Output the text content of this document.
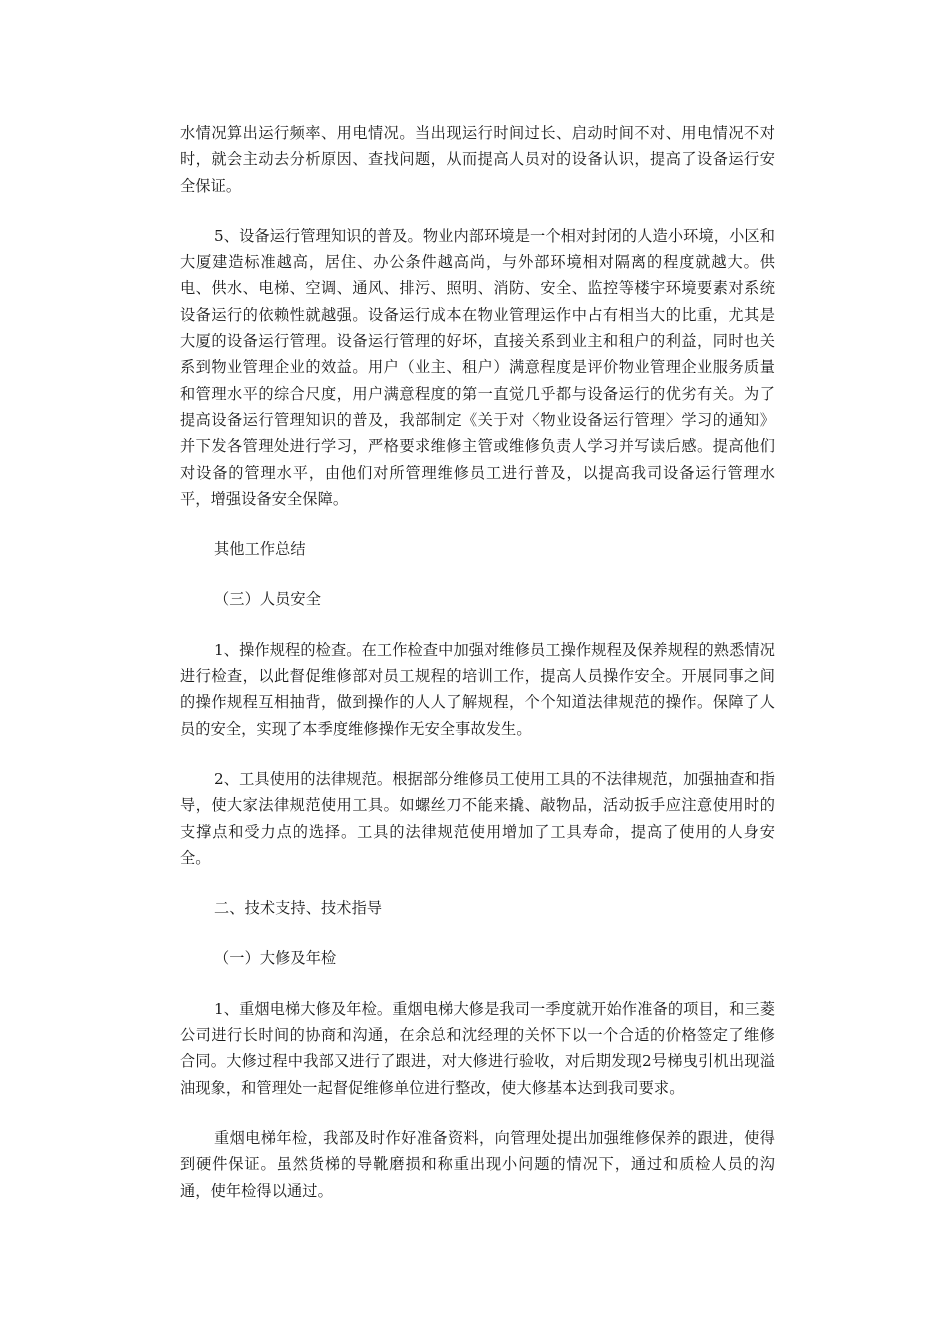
水情况算出运行频率、用电情况。当出现运行时间过长、启动时间不对、用电情况不对时，就会主动去分析原因、查找问题，从而提高人员对的设备认识，提高了设备运行安全保证。

5、设备运行管理知识的普及。物业内部环境是一个相对封闭的人造小环境，小区和大厦建造标准越高，居住、办公条件越高尚，与外部环境相对隔离的程度就越大。供电、供水、电梯、空调、通风、排污、照明、消防、安全、监控等楼宇环境要素对系统设备运行的依赖性就越强。设备运行成本在物业管理运作中占有相当大的比重，尤其是大厦的设备运行管理。设备运行管理的好坏，直接关系到业主和租户的利益，同时也关系到物业管理企业的效益。用户（业主、租户）满意程度是评价物业管理企业服务质量和管理水平的综合尺度，用户满意程度的第一直觉几乎都与设备运行的优劣有关。为了提高设备运行管理知识的普及，我部制定《关于对〈物业设备运行管理〉学习的通知》并下发各管理处进行学习，严格要求维修主管或维修负责人学习并写读后感。提高他们对设备的管理水平，由他们对所管理维修员工进行普及，以提高我司设备运行管理水平，增强设备安全保障。

其他工作总结

（三）人员安全

1、操作规程的检查。在工作检查中加强对维修员工操作规程及保养规程的熟悉情况进行检查，以此督促维修部对员工规程的培训工作，提高人员操作安全。开展同事之间的操作规程互相抽背，做到操作的人人了解规程，个个知道法律规范的操作。保障了人员的安全，实现了本季度维修操作无安全事故发生。

2、工具使用的法律规范。根据部分维修员工使用工具的不法律规范，加强抽查和指导，使大家法律规范使用工具。如螺丝刀不能来撬、敲物品，活动扳手应注意使用时的支撑点和受力点的选择。工具的法律规范使用增加了工具寿命，提高了使用的人身安全。

二、技术支持、技术指导

（一）大修及年检

1、重烟电梯大修及年检。重烟电梯大修是我司一季度就开始作准备的项目，和三菱公司进行长时间的协商和沟通，在余总和沈经理的关怀下以一个合适的价格签定了维修合同。大修过程中我部又进行了跟进，对大修进行验收，对后期发现2号梯曳引机出现溢油现象，和管理处一起督促维修单位进行整改，使大修基本达到我司要求。

重烟电梯年检，我部及时作好准备资料，向管理处提出加强维修保养的跟进，使得到硬件保证。虽然货梯的导靴磨损和称重出现小问题的情况下，通过和质检人员的沟通，使年检得以通过。
